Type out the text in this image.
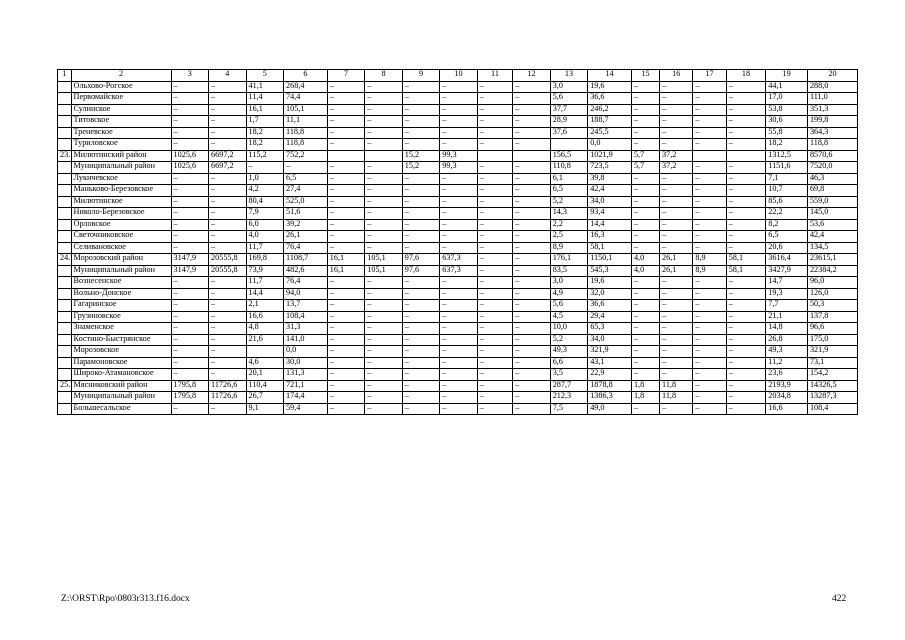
1	2	3	4	5	6	7	8	9	10	11	12	13	14	15	16	17	18	19	20
	Ольхово-Рогское	–	–	41,1	268,4	–	–	–	–	–	–	3,0	19,6	–	–	–	–	44,1	288,0
	Первомайское	–	–	11,4	74,4	–	–	–	–	–	–	5,6	36,6	–	–	–	–	17,0	111,0
	Сулинское	–	–	16,1	105,1	–	–	–	–	–	–	37,7	246,2	–	–	–	–	53,8	351,3
	Титовское	–	–	1,7	11,1	–	–	–	–	–	–	28,9	188,7	–	–	–	–	30,6	199,8
	Треневское	–	–	18,2	118,8	–	–	–	–	–	–	37,6	245,5	–	–	–	–	55,8	364,3
	Туриловское	–	–	18,2	118,8	–	–	–	–	–	–		0,0	–	–	–	–	18,2	118,8
23.	Милютинский район	1025,6	6697,2	115,2	752,2			15,2	99,3			156,5	1021,9	5,7	37,2			1312,5	8570,6
	Муниципальный район	1025,6	6697,2	–	–	–	–	15,2	99,3	–	–	110,8	723,5	5,7	37,2	–	–	1151,6	7520,0
	Лукичевское	–	–	1,0	6,5	–	–	–	–	–	–	6,1	39,8	–	–	–	–	7,1	46,3
	Маньково-Березовское	–	–	4,2	27,4	–	–	–	–	–	–	6,5	42,4	–	–	–	–	10,7	69,8
	Милютинское	–	–	80,4	525,0	–	–	–	–	–	–	5,2	34,0	–	–	–	–	85,6	559,0
	Николо-Березовское	–	–	7,9	51,6	–	–	–	–	–	–	14,3	93,4	–	–	–	–	22,2	145,0
	Орловское	–	–	6,0	39,2	–	–	–	–	–	–	2,2	14,4	–	–	–	–	8,2	53,6
	Светочниковское	–	–	4,0	26,1	–	–	–	–	–	–	2,5	16,3	–	–	–	–	6,5	42,4
	Селивановское	–	–	11,7	76,4	–	–	–	–	–	–	8,9	58,1	–	–	–	–	20,6	134,5
24.	Морозовский район	3147,9	20555,8	169,8	1108,7	16,1	105,1	97,6	637,3	–	–	176,1	1150,1	4,0	26,1	8,9	58,1	3616,4	23615,1
	Муниципальный район	3147,9	20555,8	73,9	482,6	16,1	105,1	97,6	637,3	–	–	83,5	545,3	4,0	26,1	8,9	58,1	3427,9	22384,2
	Вознесенское	–	–	11,7	76,4	–	–	–	–	–	–	3,0	19,6	–	–	–	–	14,7	96,0
	Вольно-Донское	–	–	14,4	94,0	–	–	–	–	–	–	4,9	32,0	–	–	–	–	19,3	126,0
	Гагаринское	–	–	2,1	13,7	–	–	–	–	–	–	5,6	36,6	–	–	–	–	7,7	50,3
	Грузиновское	–	–	16,6	108,4	–	–	–	–	–	–	4,5	29,4	–	–	–	–	21,1	137,8
	Знаменское	–	–	4,8	31,3	–	–	–	–	–	–	10,0	65,3	–	–	–	–	14,8	96,6
	Костино-Быстрянское	–	–	21,6	141,0	–	–	–	–	–	–	5,2	34,0	–	–	–	–	26,8	175,0
	Морозовское	–	–		0,0	–	–	–	–	–	–	49,3	321,9	–	–	–	–	49,3	321,9
	Парамоновское	–	–	4,6	30,0	–	–	–	–	–	–	6,6	43,1	–	–	–	–	11,2	73,1
	Широко-Атамановское	–	–	20,1	131,3	–	–	–	–	–	–	3,5	22,9	–	–	–	–	23,6	154,2
25.	Мясниковский район	1795,8	11726,6	110,4	721,1	–	–	–	–	–	–	287,7	1878,8	1,8	11,8	–	–	2193,9	14326,5
	Муниципальный район	1795,8	11726,6	26,7	174,4	–	–	–	–	–	–	212,3	1386,3	1,8	11,8	–	–	2034,8	13287,3
	Большесальское	–	–	9,1	59,4	–	–	–	–	–	–	7,5	49,0	–	–	–	–	16,6	108,4
Z:\ORST\Rpo\0803r313.f16.docx	422
